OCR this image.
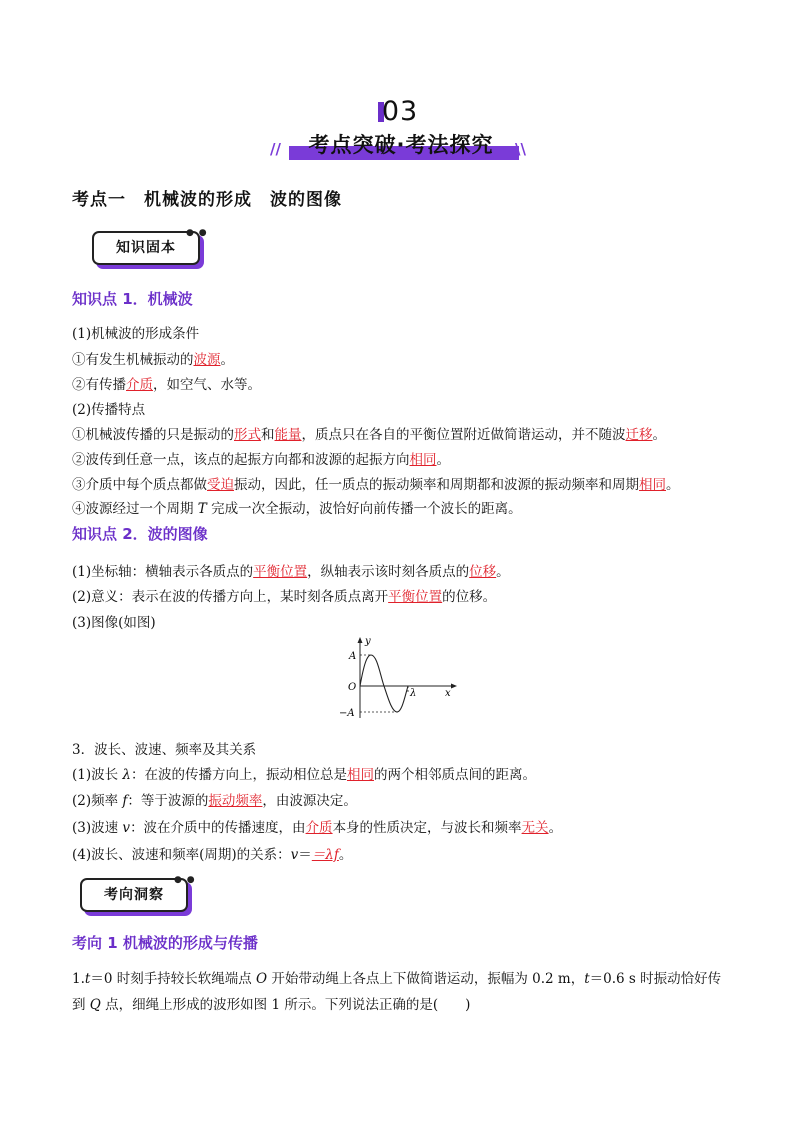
03
//	\\
考点突破·考法探究
考点一　机械波的形成　波的图像
● ●
知识固本
知识点 1．机械波
(1)机械波的形成条件
①有发生机械振动的波源。
②有传播介质，如空气、水等。
(2)传播特点
①机械波传播的只是振动的形式和能量，质点只在各自的平衡位置附近做简谐运动，并不随波迁移。
②波传到任意一点，该点的起振方向都和波源的起振方向相同。
③介质中每个质点都做受迫振动，因此，任一质点的振动频率和周期都和波源的振动频率和周期相同。
④波源经过一个周期 T 完成一次全振动，波恰好向前传播一个波长的距离。
知识点 2．波的图像
(1)坐标轴：横轴表示各质点的平衡位置，纵轴表示该时刻各质点的位移。
(2)意义：表示在波的传播方向上，某时刻各质点离开平衡位置的位移。
(3)图像(如图)
y
x
O
A
−A
λ
3．波长、波速、频率及其关系
(1)波长 λ：在波的传播方向上，振动相位总是相同的两个相邻质点间的距离。
(2)频率 f：等于波源的振动频率，由波源决定。
(3)波速 v：波在介质中的传播速度，由介质本身的性质决定，与波长和频率无关。
(4)波长、波速和频率(周期)的关系：v＝＝λf。
● ●
考向洞察
考向 1 机械波的形成与传播
1.t＝0 时刻手持较长软绳端点 O 开始带动绳上各点上下做简谐运动，振幅为 0.2 m，t＝0.6 s 时振动恰好传
到 Q 点，细绳上形成的波形如图 1 所示。下列说法正确的是(　　)
